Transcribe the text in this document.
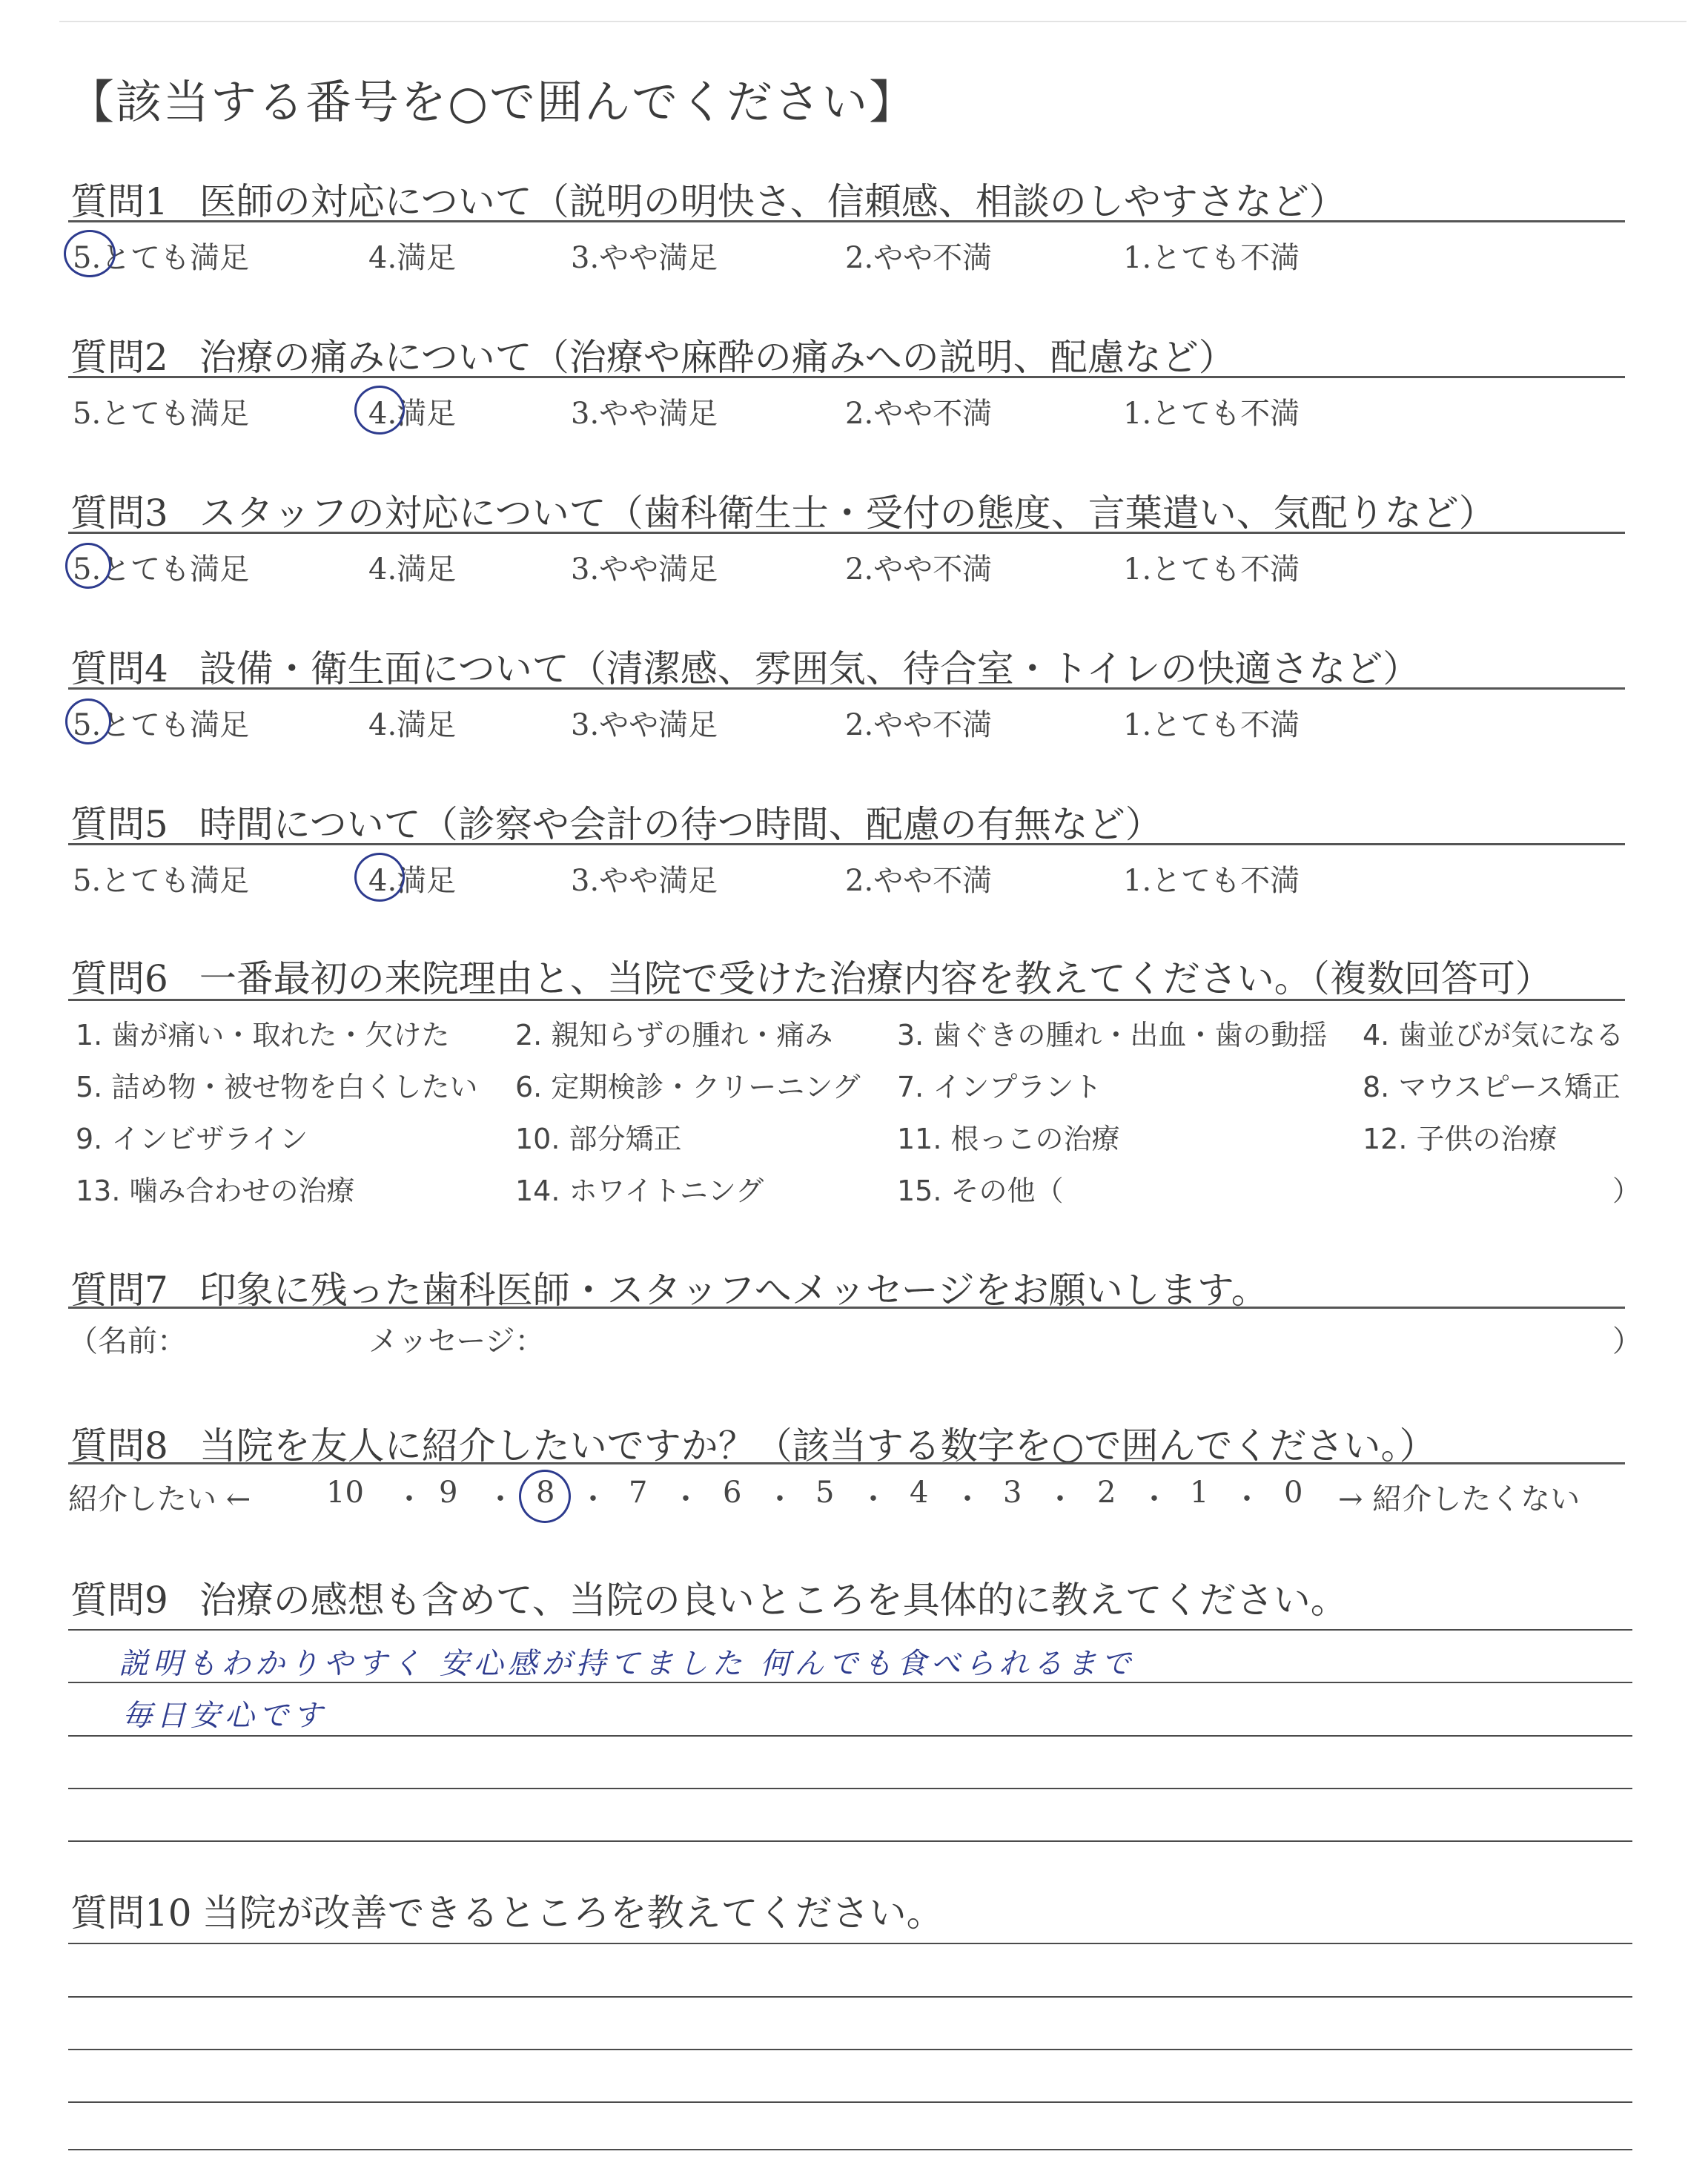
【該当する番号を○で囲んでください】
質問1 医師の対応について（説明の明快さ、信頼感、相談のしやすさなど）
5.とても満足	4.満足	3.やや満足	2.やや不満	1.とても不満
質問2 治療の痛みについて（治療や麻酔の痛みへの説明、配慮など）
5.とても満足	4.満足	3.やや満足	2.やや不満	1.とても不満
質問3 スタッフの対応について（歯科衛生士・受付の態度、言葉遣い、気配りなど）
5.とても満足	4.満足	3.やや満足	2.やや不満	1.とても不満
質問4 設備・衛生面について（清潔感、雰囲気、待合室・トイレの快適さなど）
5.とても満足	4.満足	3.やや満足	2.やや不満	1.とても不満
質問5 時間について（診察や会計の待つ時間、配慮の有無など）
5.とても満足	4.満足	3.やや満足	2.やや不満	1.とても不満
質問6 一番最初の来院理由と、当院で受けた治療内容を教えてください。（複数回答可）
1. 歯が痛い・取れた・欠けた 2. 親知らずの腫れ・痛み 3. 歯ぐきの腫れ・出血・歯の動揺 4. 歯並びが気になる
5. 詰め物・被せ物を白くしたい 6. 定期検診・クリーニング 7. インプラント	8. マウスピース矯正
9. インビザライン	10. 部分矯正	11. 根っこの治療	12. 子供の治療
13. 噛み合わせの治療	14. ホワイトニング	15. その他（	）
質問7 印象に残った歯科医師・スタッフへメッセージをお願いします。
（名前：	メッセージ：	）
質問8 当院を友人に紹介したいですか？（該当する数字を○で囲んでください。）
紹介したい ←	10 ・ 9 ・ 8 ・ 7 ・ 6 ・ 5 ・ 4 ・ 3 ・ 2 ・ 1 ・ 0 → 紹介したくない
質問9 治療の感想も含めて、当院の良いところを具体的に教えてください。
説明もわかりやすく 安心感が持てました 何んでも食べられるまで
毎日安心です
質問10 当院が改善できるところを教えてください。
